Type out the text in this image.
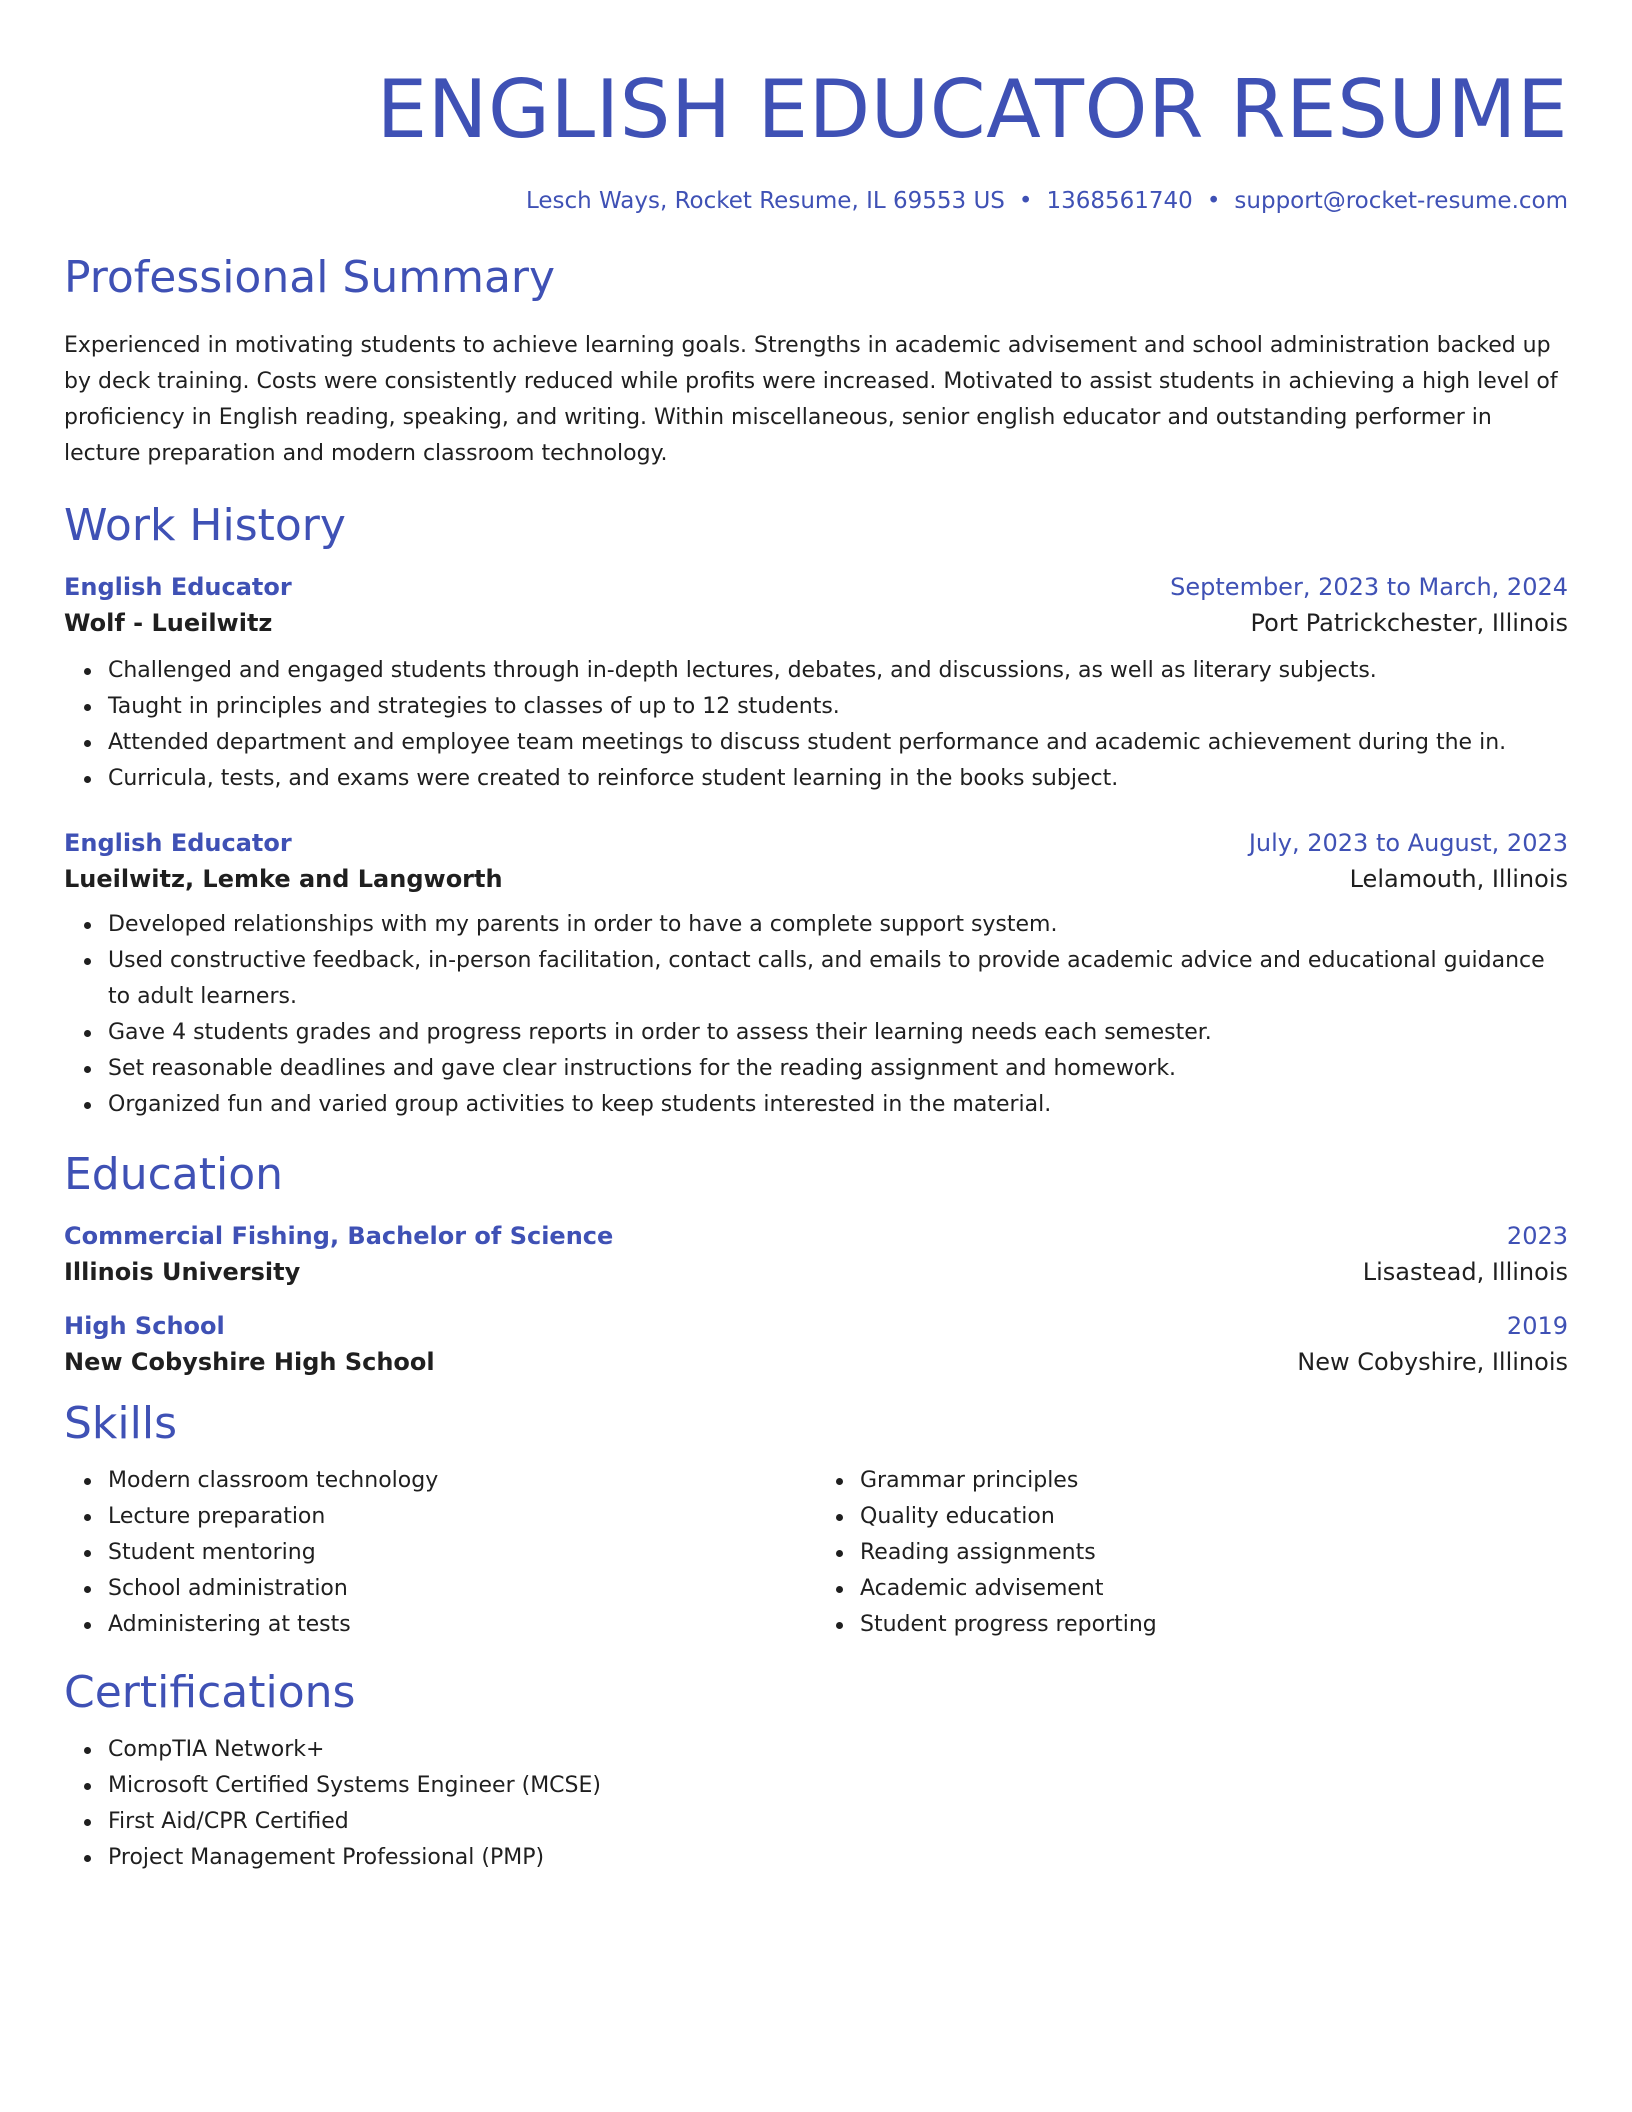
ENGLISH EDUCATOR RESUME
Lesch Ways, Rocket Resume, IL 69553 US • 1368561740 • support@rocket-resume.com
Professional Summary

Experienced in motivating students to achieve learning goals. Strengths in academic advisement and school administration backed up by deck training. Costs were consistently reduced while profits were increased. Motivated to assist students in achieving a high level of proficiency in English reading, speaking, and writing. Within miscellaneous, senior english educator and outstanding performer in lecture preparation and modern classroom technology.

Work History
English Educator	September, 2023 to March, 2024
Wolf - Lueilwitz	Port Patrickchester, Illinois
Challenged and engaged students through in-depth lectures, debates, and discussions, as well as literary subjects.
Taught in principles and strategies to classes of up to 12 students.
Attended department and employee team meetings to discuss student performance and academic achievement during the in.
Curricula, tests, and exams were created to reinforce student learning in the books subject.
English Educator	July, 2023 to August, 2023
Lueilwitz, Lemke and Langworth	Lelamouth, Illinois
Developed relationships with my parents in order to have a complete support system.
Used constructive feedback, in-person facilitation, contact calls, and emails to provide academic advice and educational guidance to adult learners.
Gave 4 students grades and progress reports in order to assess their learning needs each semester.
Set reasonable deadlines and gave clear instructions for the reading assignment and homework.
Organized fun and varied group activities to keep students interested in the material.
Education
Commercial Fishing, Bachelor of Science	2023
Illinois University	Lisastead, Illinois
High School	2019
New Cobyshire High School	New Cobyshire, Illinois
Skills
Modern classroom technology
Lecture preparation
Student mentoring
School administration
Administering at tests
Grammar principles
Quality education
Reading assignments
Academic advisement
Student progress reporting
Certifications
CompTIA Network+
Microsoft Certified Systems Engineer (MCSE)
First Aid/CPR Certified
Project Management Professional (PMP)
